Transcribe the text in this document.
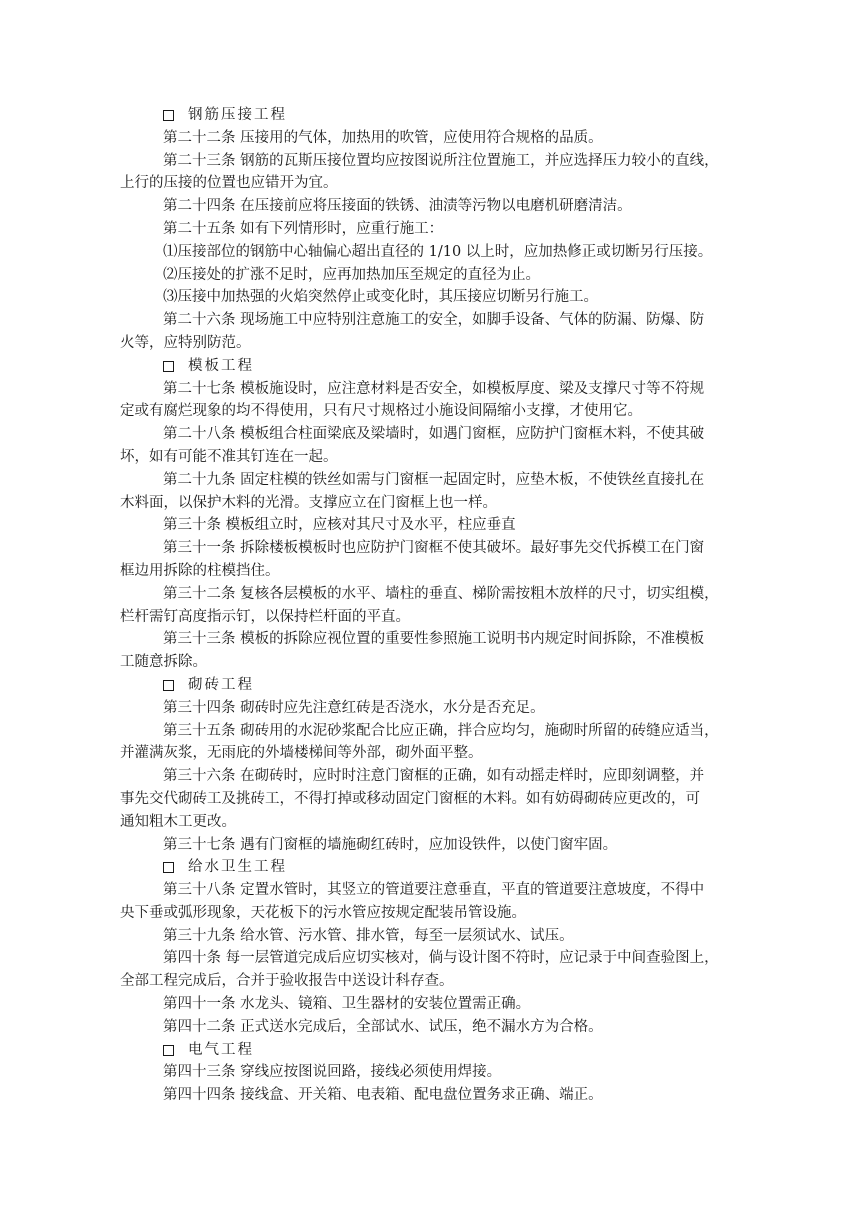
钢筋压接工程
第二十二条 压接用的气体，加热用的吹管，应使用符合规格的品质。
第二十三条 钢筋的瓦斯压接位置均应按图说所注位置施工，并应选择压力较小的直线，
上行的压接的位置也应错开为宜。
第二十四条 在压接前应将压接面的铁锈、油渍等污物以电磨机研磨清洁。
第二十五条 如有下列情形时，应重行施工：
⑴压接部位的钢筋中心轴偏心超出直径的 1/10 以上时，应加热修正或切断另行压接。
⑵压接处的扩涨不足时，应再加热加压至规定的直径为止。
⑶压接中加热强的火焰突然停止或变化时，其压接应切断另行施工。
第二十六条 现场施工中应特别注意施工的安全，如脚手设备、气体的防漏、防爆、防
火等，应特别防范。
模板工程
第二十七条 模板施设时，应注意材料是否安全，如模板厚度、梁及支撑尺寸等不符规
定或有腐烂现象的均不得使用，只有尺寸规格过小施设间隔缩小支撑，才使用它。
第二十八条 模板组合柱面梁底及梁墙时，如遇门窗框，应防护门窗框木料，不使其破
坏，如有可能不准其钉连在一起。
第二十九条 固定柱模的铁丝如需与门窗框一起固定时，应垫木板，不使铁丝直接扎在
木料面，以保护木料的光滑。支撑应立在门窗框上也一样。
第三十条 模板组立时，应核对其尺寸及水平，柱应垂直
第三十一条 拆除楼板模板时也应防护门窗框不使其破坏。最好事先交代拆模工在门窗
框边用拆除的柱模挡住。
第三十二条 复核各层模板的水平、墙柱的垂直、梯阶需按粗木放样的尺寸，切实组模，
栏杆需钉高度指示钉，以保持栏杆面的平直。
第三十三条 模板的拆除应视位置的重要性参照施工说明书内规定时间拆除，不准模板
工随意拆除。
砌砖工程
第三十四条 砌砖时应先注意红砖是否浇水，水分是否充足。
第三十五条 砌砖用的水泥砂浆配合比应正确，拌合应均匀，施砌时所留的砖缝应适当，
并灌满灰浆，无雨庇的外墙楼梯间等外部，砌外面平整。
第三十六条 在砌砖时，应时时注意门窗框的正确，如有动摇走样时，应即刻调整，并
事先交代砌砖工及挑砖工，不得打掉或移动固定门窗框的木料。如有妨碍砌砖应更改的，可
通知粗木工更改。
第三十七条 遇有门窗框的墙施砌红砖时，应加设铁件，以使门窗牢固。
给水卫生工程
第三十八条 定置水管时，其竖立的管道要注意垂直，平直的管道要注意坡度，不得中
央下垂或弧形现象，天花板下的污水管应按规定配装吊管设施。
第三十九条 给水管、污水管、排水管，每至一层须试水、试压。
第四十条 每一层管道完成后应切实核对，倘与设计图不符时，应记录于中间查验图上，
全部工程完成后，合并于验收报告中送设计科存查。
第四十一条 水龙头、镜箱、卫生器材的安装位置需正确。
第四十二条 正式送水完成后，全部试水、试压，绝不漏水方为合格。
电气工程
第四十三条 穿线应按图说回路，接线必须使用焊接。
第四十四条 接线盒、开关箱、电表箱、配电盘位置务求正确、端正。
